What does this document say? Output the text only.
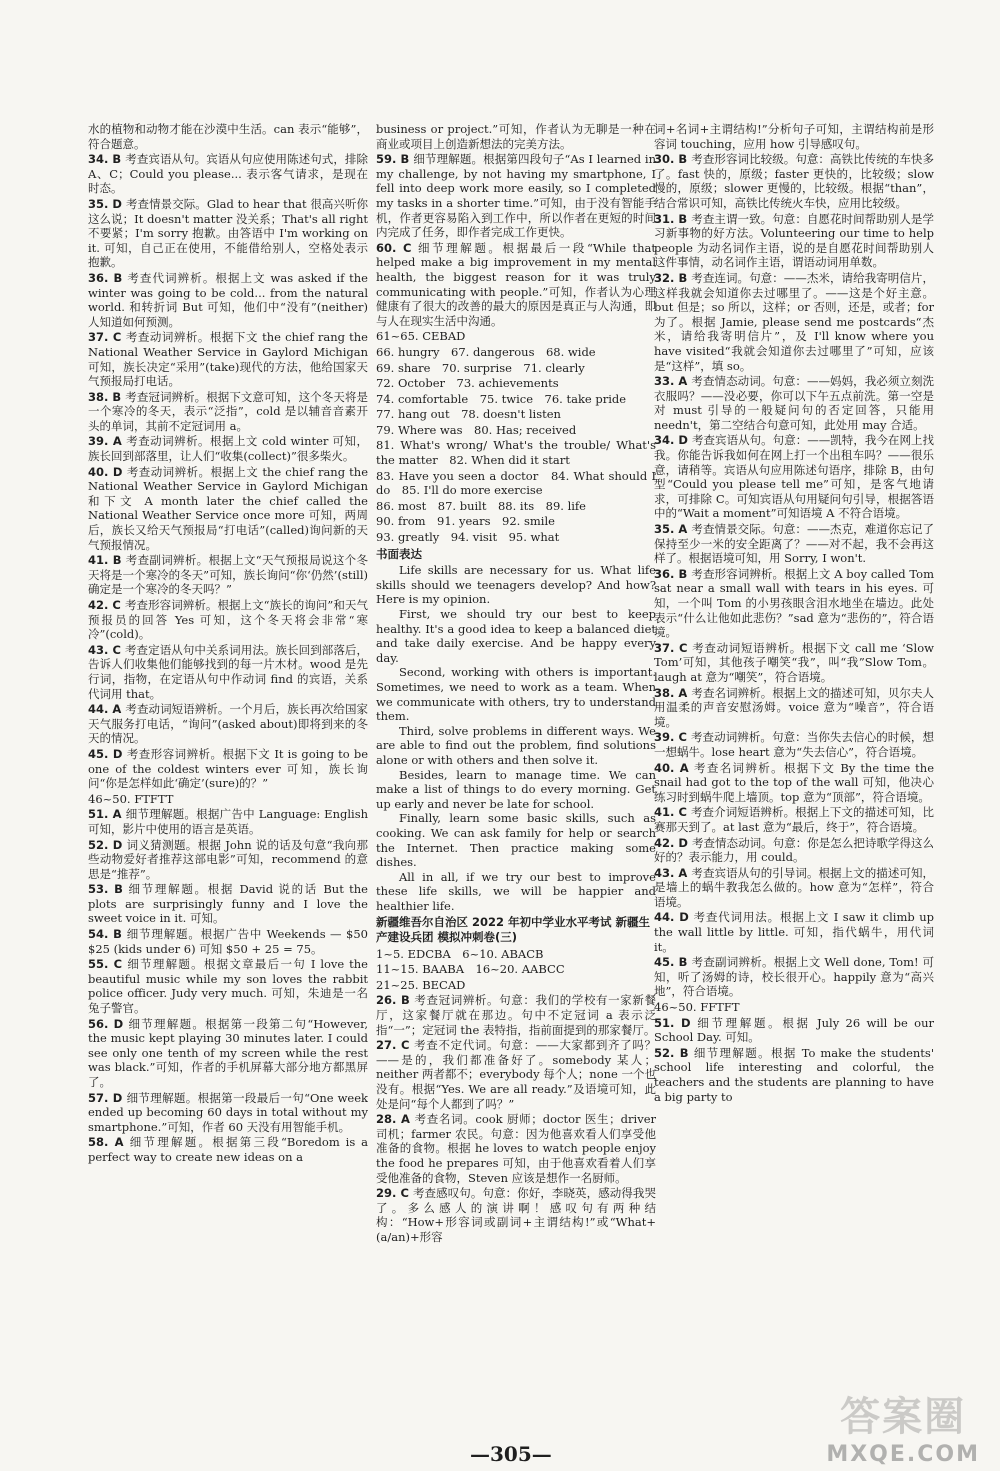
水的植物和动物才能在沙漠中生活。can 表示“能够”，符合题意。
34. B 考查宾语从句。宾语从句应使用陈述句式，排除 A、C；Could you please... 表示客气请求，是现在时态。
35. D 考查情景交际。Glad to hear that 很高兴听你这么说；It doesn't matter 没关系；That's all right 不要紧；I'm sorry 抱歉。由答语中 I'm working on it. 可知，自己正在使用，不能借给别人，空格处表示抱歉。
36. B 考查代词辨析。根据上文 was asked if the winter was going to be cold... from the natural world. 和转折词 But 可知，他们中“没有”(neither)人知道如何预测。
37. C 考查动词辨析。根据下文 the chief rang the National Weather Service in Gaylord Michigan 可知，族长决定“采用”(take)现代的方法，他给国家天气预报局打电话。
38. B 考查冠词辨析。根据下文意可知，这个冬天将是一个寒冷的冬天，表示“泛指”，cold 是以辅音音素开头的单词，其前不定冠词用 a。
39. A 考查动词辨析。根据上文 cold winter 可知，族长回到部落里，让人们“收集(collect)”很多柴火。
40. D 考查动词辨析。根据上文 the chief rang the National Weather Service in Gaylord Michigan 和下文 A month later the chief called the National Weather Service once more 可知，两周后，族长又给天气预报局“打电话”(called)询问新的天气预报情况。
41. B 考查副词辨析。根据上文“天气预报局说这个冬天将是一个寒冷的冬天”可知，族长询问“你‘仍然’(still)确定是一个寒冷的冬天吗？”
42. C 考查形容词辨析。根据上文“族长的询问”和天气预报员的回答 Yes 可知，这个冬天将会非常“寒冷”(cold)。
43. C 考查定语从句中关系词用法。族长回到部落后，告诉人们收集他们能够找到的每一片木材。wood 是先行词，指物，在定语从句中作动词 find 的宾语，关系代词用 that。
44. A 考查动词短语辨析。一个月后，族长再次给国家天气服务打电话，“询问”(asked about)即将到来的冬天的情况。
45. D 考查形容词辨析。根据下文 It is going to be one of the coldest winters ever 可知，族长询问“你是怎样如此‘确定’(sure)的？”
46~50. FTFTT
51. A 细节理解题。根据广告中 Language: English 可知，影片中使用的语言是英语。
52. D 词义猜测题。根据 John 说的话及句意“我向那些动物爱好者推荐这部电影”可知，recommend 的意思是“推荐”。
53. B 细节理解题。根据 David 说的话 But the plots are surprisingly funny and I love the sweet voice in it. 可知。
54. B 细节理解题。根据广告中 Weekends — $50 $25 (kids under 6) 可知 $50 + 25 = 75。
55. C 细节理解题。根据文章最后一句 I love the beautiful music while my son loves the rabbit police officer. Judy very much. 可知，朱迪是一名兔子警官。
56. D 细节理解题。根据第一段第二句“However, the music kept playing 30 minutes later. I could see only one tenth of my screen while the rest was black.”可知，作者的手机屏幕大部分地方都黑屏了。
57. D 细节理解题。根据第一段最后一句“One week ended up becoming 60 days in total without my smartphone.”可知，作者 60 天没有用智能手机。
58. A 细节理解题。根据第三段“Boredom is a perfect way to create new ideas on a
business or project.”可知，作者认为无聊是一种在商业或项目上创造新想法的完美方法。
59. B 细节理解题。根据第四段句子“As I learned in my challenge, by not having my smartphone, I fell into deep work more easily, so I completed my tasks in a shorter time.”可知，由于没有智能手机，作者更容易陷入到工作中，所以作者在更短的时间内完成了任务，即作者完成工作更快。
60. C 细节理解题。根据最后一段“While that helped make a big improvement in my mental health, the biggest reason for it was truly communicating with people.”可知，作者认为心理健康有了很大的改善的最大的原因是真正与人沟通，即与人在现实生活中沟通。
61~65. CEBAD
66. hungry　67. dangerous　68. wide
69. share　70. surprise　71. clearly
72. October　73. achievements
74. comfortable　75. twice　76. take pride
77. hang out　78. doesn't listen
79. Where was　80. Has; received
81. What's wrong/ What's the trouble/ What's the matter　82. When did it start
83. Have you seen a doctor　84. What should I do　85. I'll do more exercise
86. most　87. built　88. its　89. life
90. from　91. years　92. smile
93. greatly　94. visit　95. what
书面表达

Life skills are necessary for us. What life skills should we teenagers develop? And how? Here is my opinion.

First, we should try our best to keep healthy. It's a good idea to keep a balanced diet and take daily exercise. And be happy every day.

Second, working with others is important. Sometimes, we need to work as a team. When we communicate with others, try to understand them.

Third, solve problems in different ways. We are able to find out the problem, find solutions alone or with others and then solve it.

Besides, learn to manage time. We can make a list of things to do every morning. Get up early and never be late for school.

Finally, learn some basic skills, such as cooking. We can ask family for help or search the Internet. Then practice making some dishes.

All in all, if we try our best to improve these life skills, we will be happier and healthier life.

新疆维吾尔自治区 2022 年初中学业水平考试 新疆生产建设兵团 模拟冲刺卷(三)
1~5. EDCBA　6~10. ABACB
11~15. BAABA　16~20. AABCC
21~25. BECAD
26. B 考查冠词辨析。句意：我们的学校有一家新餐厅，这家餐厅就在那边。句中不定冠词 a 表示泛指“一”；定冠词 the 表特指，指前面提到的那家餐厅。
27. C 考查不定代词。句意：——大家都到齐了吗？——是的，我们都准备好了。somebody 某人；neither 两者都不；everybody 每个人；none 一个也没有。根据“Yes. We are all ready.”及语境可知，此处是问“每个人都到了吗？”
28. A 考查名词。cook 厨师；doctor 医生；driver 司机；farmer 农民。句意：因为他喜欢看人们享受他准备的食物。根据 he loves to watch people enjoy the food he prepares 可知，由于他喜欢看着人们享受他准备的食物，Steven 应该是想作一名厨师。
29. C 考查感叹句。句意：你好，李晓英，感动得我哭了。多么感人的演讲啊！感叹句有两种结构：“How+形容词或副词+主谓结构!”或“What+(a/an)+形容
词+名词+主谓结构!”分析句子可知，主谓结构前是形容词 touching，应用 how 引导感叹句。
30. B 考查形容词比较级。句意：高铁比传统的车快多了。fast 快的，原级；faster 更快的，比较级；slow 慢的，原级；slower 更慢的，比较级。根据“than”，结合常识可知，高铁比传统火车快，应用比较级。
31. B 考查主谓一致。句意：自愿花时间帮助别人是学习新事物的好方法。Volunteering our time to help people 为动名词作主语，说的是自愿花时间帮助别人这件事情，动名词作主语，谓语动词用单数。
32. B 考查连词。句意：——杰米，请给我寄明信片，这样我就会知道你去过哪里了。——这是个好主意。but 但是；so 所以，这样；or 否则，还是，或者；for 为了。根据 Jamie, please send me postcards“杰米，请给我寄明信片”，及 I'll know where you have visited“我就会知道你去过哪里了”可知，应该是“这样”，填 so。
33. A 考查情态动词。句意：——妈妈，我必须立刻洗衣服吗？——没必要，你可以下午五点前洗。第一空是对 must 引导的一般疑问句的否定回答，只能用 needn't，第二空结合句意可知，此处用 may 合适。
34. D 考查宾语从句。句意：——凯特，我今在网上找我。你能告诉我如何在网上打一个出租车吗？——很乐意，请稍等。宾语从句应用陈述句语序，排除 B，由句型“Could you please tell me”可知，是客气地请求，可排除 C。可知宾语从句用疑问句引导，根据答语中的“Wait a moment”可知语境 A 不符合语境。
35. A 考查情景交际。句意：——杰克，难道你忘记了保持至少一米的安全距离了？——对不起，我不会再这样了。根据语境可知，用 Sorry, I won't.
36. B 考查形容词辨析。根据上文 A boy called Tom sat near a small wall with tears in his eyes. 可知，一个叫 Tom 的小男孩眼含泪水地坐在墙边。此处表示“什么让他如此悲伤？”sad 意为“悲伤的”，符合语境。
37. C 考查动词短语辨析。根据下文 call me ‘Slow Tom’可知，其他孩子嘲笑“我”，叫“我”Slow Tom。laugh at 意为“嘲笑”，符合语境。
38. A 考查名词辨析。根据上文的描述可知，贝尔夫人用温柔的声音安慰汤姆。voice 意为“噪音”，符合语境。
39. C 考查动词辨析。句意：当你失去信心的时候，想一想蜗牛。lose heart 意为“失去信心”，符合语境。
40. A 考查名词辨析。根据下文 By the time the snail had got to the top of the wall 可知，他决心练习时到蜗牛爬上墙顶。top 意为“顶部”，符合语境。
41. C 考查介词短语辨析。根据上下文的描述可知，比赛那天到了。at last 意为“最后，终于”，符合语境。
42. D 考查情态动词。句意：你是怎么把诗歌学得这么好的？表示能力，用 could。
43. A 考查宾语从句的引导词。根据上文的描述可知，是墙上的蜗牛教我怎么做的。how 意为“怎样”，符合语境。
44. D 考查代词用法。根据上文 I saw it climb up the wall little by little. 可知，指代蜗牛，用代词 it。
45. B 考查副词辨析。根据上文 Well done, Tom! 可知，听了汤姆的诗，校长很开心。happily 意为“高兴地”，符合语境。
46~50. FFTFT
51. D 细节理解题。根据 July 26 will be our School Day. 可知。
52. B 细节理解题。根据 To make the students' school life interesting and colorful, the teachers and the students are planning to have a big party to
—305—
答案圈
MXQE.COM
